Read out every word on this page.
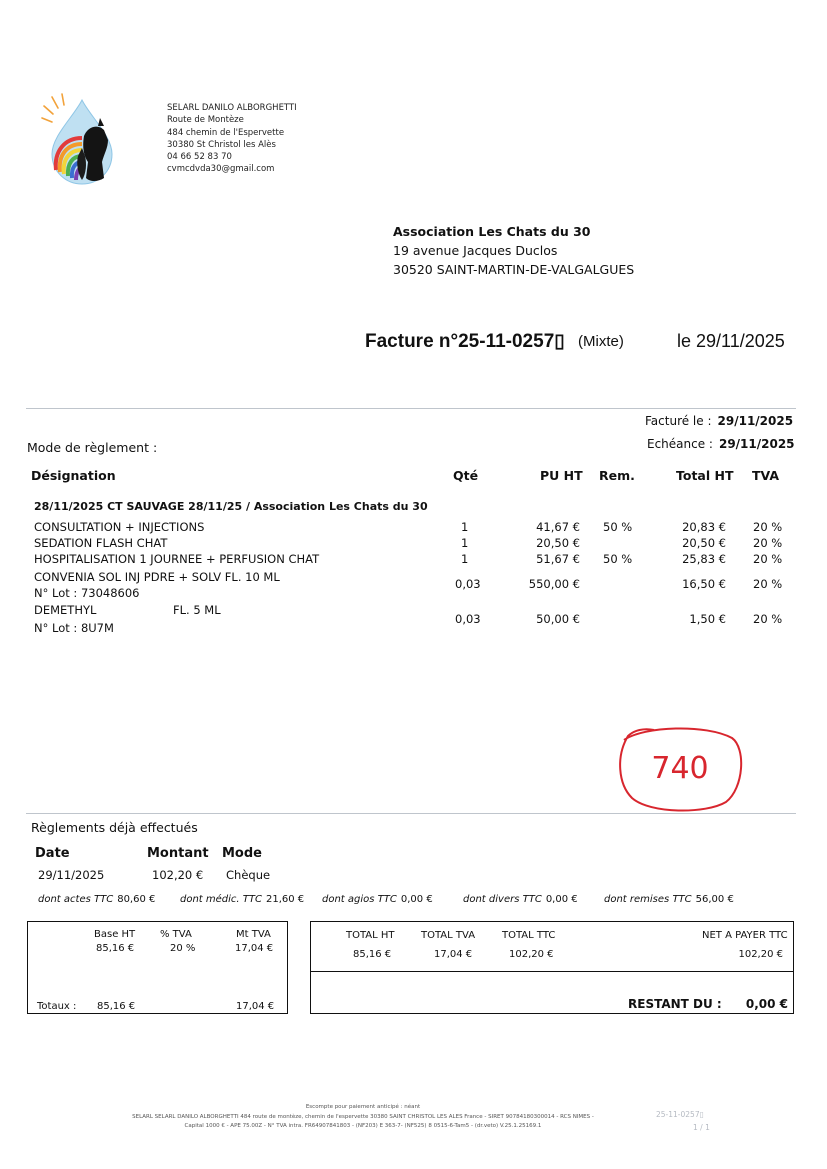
SELARL DANILO ALBORGHETTI
Route de Montèze
484 chemin de l'Espervette
30380 St Christol les Alès
04 66 52 83 70
cvmcdvda30@gmail.com
Association Les Chats du 30
19 avenue Jacques Duclos
30520 SAINT-MARTIN-DE-VALGALGUES
Facture n°25-11-0257▯ (Mixte)	le 29/11/2025
Facturé le : 29/11/2025
Echéance : 29/11/2025
Mode de règlement :
Désignation	Qté	PU HT Rem.	Total HT TVA
28/11/2025 CT SAUVAGE 28/11/25 / Association Les Chats du 30
CONSULTATION + INJECTIONS	1	41,67 € 50 %	20,83 € 20 %
SEDATION FLASH CHAT	1	20,50 €	20,50 € 20 %
HOSPITALISATION 1 JOURNEE + PERFUSION CHAT	1	51,67 € 50 %	25,83 € 20 %
CONVENIA SOL INJ PDRE + SOLV FL. 10 ML
N° Lot : 73048606
0,03	550,00 €	16,50 € 20 %
DEMETHYL	FL. 5 ML
N° Lot : 8U7M
0,03	50,00 €	1,50 € 20 %
740
Règlements déjà effectués
Date	Montant Mode
29/11/2025	102,20 € Chèque
dont actes TTC 80,60 € dont médic. TTC 21,60 € dont agios TTC 0,00 €	dont divers TTC 0,00 €	dont remises TTC 56,00 €
Base HT % TVA	Mt TVA
85,16 €	20 %	17,04 €
Totaux : 85,16 €	17,04 €
TOTAL HT	TOTAL TVA	TOTAL TTC	NET A PAYER TTC
85,16 €	17,04 €	102,20 €	102,20 €
RESTANT DU :	0,00 €
Escompte pour paiement anticipé : néant
SELARL SELARL DANILO ALBORGHETTI 484 route de montèze, chemin de l'espervette 30380 SAINT CHRISTOL LES ALES France - SIRET 90784180300014 - RCS NIMES -
Capital 1000 € - APE 75.00Z - N° TVA intra. FR64907841803 - (NF203) E 363-7- (NF525) 8 0515-6-Tam5 - (dr.veto) V.25.1.25169.1
25-11-0257▯
1 / 1
